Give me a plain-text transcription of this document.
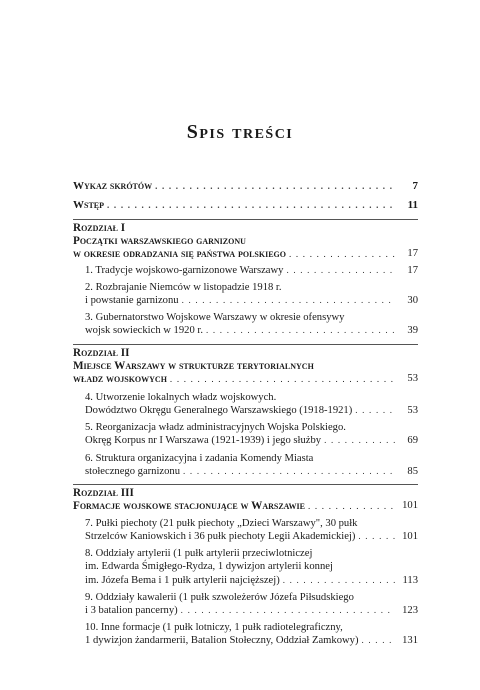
Spis treści
Wykaz skrótów . . .	7
Wstęp . . .	11
Rozdział I
Początki warszawskiego garnizonu
w okresie odradzania się państwa polskiego . . .	17
1. Tradycje wojskowo-garnizonowe Warszawy . . .	17
2. Rozbrajanie Niemców w listopadzie 1918 r.
i powstanie garnizonu . . .	30
3. Gubernatorstwo Wojskowe Warszawy w okresie ofensywy
wojsk sowieckich w 1920 r. . . .	39
Rozdział II
Miejsce Warszawy w strukturze terytorialnych
władz wojskowych . . .	53
4. Utworzenie lokalnych władz wojskowych.
Dowództwo Okręgu Generalnego Warszawskiego (1918-1921) . . .	53
5. Reorganizacja władz administracyjnych Wojska Polskiego.
Okręg Korpus nr I Warszawa (1921-1939) i jego służby . . .	69
6. Struktura organizacyjna i zadania Komendy Miasta
stołecznego garnizonu . . .	85
Rozdział III
Formacje wojskowe stacjonujące w Warszawie . . .	101
7. Pułki piechoty (21 pułk piechoty „Dzieci Warszawy", 30 pułk
Strzelców Kaniowskich i 36 pułk piechoty Legii Akademickiej) . . .	101
8. Oddziały artylerii (1 pułk artylerii przeciwlotniczej
im. Edwarda Śmigłego-Rydza, 1 dywizjon artylerii konnej
im. Józefa Bema i 1 pułk artylerii najcięższej) . . .	113
9. Oddziały kawalerii (1 pułk szwoleżerów Józefa Piłsudskiego
i 3 batalion pancerny) . . .	123
10. Inne formacje (1 pułk lotniczy, 1 pułk radiotelegraficzny,
1 dywizjon żandarmerii, Batalion Stołeczny, Oddział Zamkowy) . . .	131
